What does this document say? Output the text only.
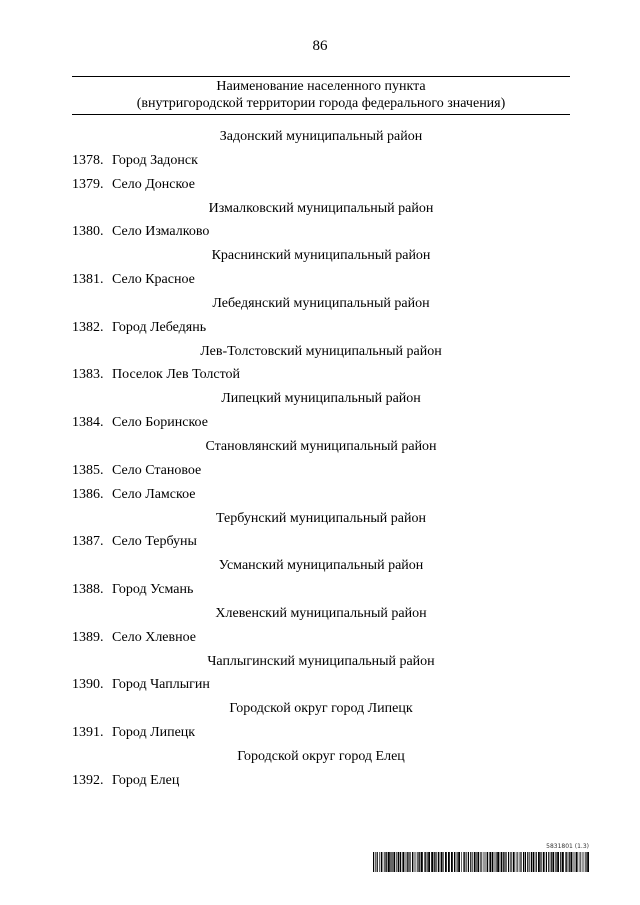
86
Наименование населенного пункта
(внутригородской территории города федерального значения)
Задонский муниципальный район
1378. Город Задонск
1379. Село Донское
Измалковский муниципальный район
1380. Село Измалково
Краснинский муниципальный район
1381. Село Красное
Лебедянский муниципальный район
1382. Город Лебедянь
Лев-Толстовский муниципальный район
1383. Поселок Лев Толстой
Липецкий муниципальный район
1384. Село Боринское
Становлянский муниципальный район
1385. Село Становое
1386. Село Ламское
Тербунский муниципальный район
1387. Село Тербуны
Усманский муниципальный район
1388. Город Усмань
Хлевенский муниципальный район
1389. Село Хлевное
Чаплыгинский муниципальный район
1390. Город Чаплыгин
Городской округ город Липецк
1391. Город Липецк
Городской округ город Елец
1392. Город Елец
5831801 (1.3)
